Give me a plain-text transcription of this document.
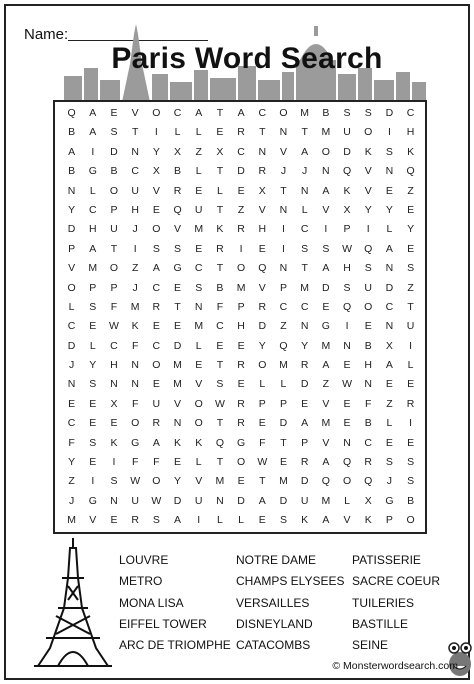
Name:
Paris Word Search
Q	A	E	V	O	C	A	T	A	C	O	M	B	S	S	D	C
B	A	S	T	I	L	L	E	R	T	N	T	M	U	O	I	H
A	I	D	N	Y	X	Z	X	C	N	V	A	O	D	K	S	K
B	G	B	C	X	B	L	T	D	R	J	J	N	Q	V	N	Q
N	L	O	U	V	R	E	L	E	X	T	N	A	K	V	E	Z
Y	C	P	H	E	Q	U	T	Z	V	N	L	V	X	Y	Y	E
D	H	U	J	O	V	M	K	R	H	I	C	I	P	I	L	Y
P	A	T	I	S	S	E	R	I	E	I	S	S	W	Q	A	E
V	M	O	Z	A	G	C	T	O	Q	N	T	A	H	S	N	S
O	P	P	J	C	E	S	B	M	V	P	M	D	S	U	D	Z
L	S	F	M	R	T	N	F	P	R	C	C	E	Q	O	C	T
C	E	W	K	E	E	M	C	H	D	Z	N	G	I	E	N	U
D	L	C	F	C	D	L	E	E	Y	Q	Y	M	N	B	X	I
J	Y	H	N	O	M	E	T	R	O	M	R	A	E	H	A	L
N	S	N	N	E	M	V	S	E	L	L	D	Z	W	N	E	E
E	E	X	F	U	V	O	W	R	P	P	E	V	E	F	Z	R
C	E	E	O	R	N	O	T	R	E	D	A	M	E	B	L	I
F	S	K	G	A	K	K	Q	G	F	T	P	V	N	C	E	E
Y	E	I	F	F	E	L	T	O	W	E	R	A	Q	R	S	S
Z	I	S	W	O	Y	V	M	E	T	M	D	Q	O	Q	J	S
J	G	N	U	W	D	U	N	D	A	D	U	M	L	X	G	B
M	V	E	R	S	A	I	L	L	E	S	K	A	V	K	P	O
LOUVRE
METRO
MONA LISA
EIFFEL TOWER
ARC DE TRIOMPHE
NOTRE DAME
CHAMPS ELYSEES
VERSAILLES
DISNEYLAND
CATACOMBS
PATISSERIE
SACRE COEUR
TUILERIES
BASTILLE
SEINE
© Monsterwordsearch.com
